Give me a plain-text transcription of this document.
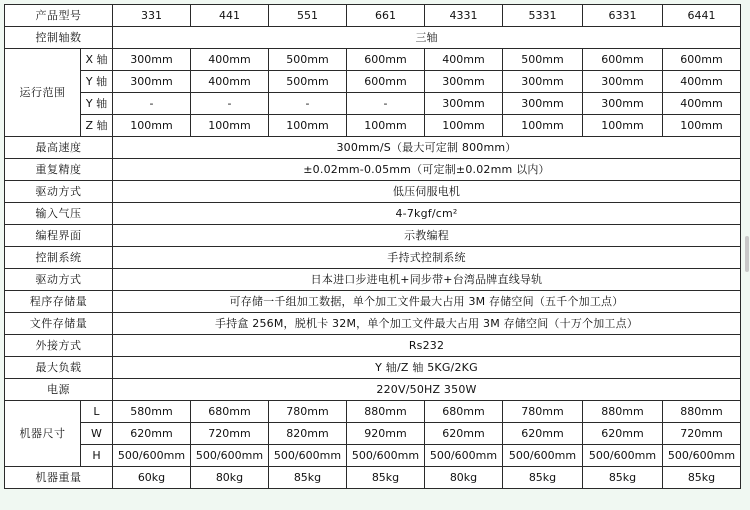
产品型号		331	441	551	661	4331	5331	6331	6441
控制轴数		三轴							
运行范围	X 轴	300mm	400mm	500mm	600mm	400mm	500mm	600mm	600mm
	Y 轴	300mm	400mm	500mm	600mm	300mm	300mm	300mm	400mm
	Y 轴	-	-	-	-	300mm	300mm	300mm	400mm
	Z 轴	100mm	100mm	100mm	100mm	100mm	100mm	100mm	100mm
最高速度		300mm/S（最大可定制 800mm）							
重复精度		±0.02mm-0.05mm（可定制±0.02mm 以内）							
驱动方式		低压伺服电机							
输入气压		4-7kgf/cm²							
编程界面		示教编程							
控制系统		手持式控制系统							
驱动方式		日本进口步进电机+同步带+台湾品牌直线导轨							
程序存储量		可存储一千组加工数据，单个加工文件最大占用 3M 存储空间（五千个加工点）							
文件存储量		手持盒 256M，脱机卡 32M，单个加工文件最大占用 3M 存储空间（十万个加工点）							
外接方式		Rs232							
最大负载		Y 轴/Z 轴 5KG/2KG							
电源		220V/50HZ 350W							
机器尺寸	L	580mm	680mm	780mm	880mm	680mm	780mm	880mm	880mm
	W	620mm	720mm	820mm	920mm	620mm	620mm	620mm	720mm
	H	500/600mm	500/600mm	500/600mm	500/600mm	500/600mm	500/600mm	500/600mm	500/600mm
机器重量		60kg	80kg	85kg	85kg	80kg	85kg	85kg	85kg
